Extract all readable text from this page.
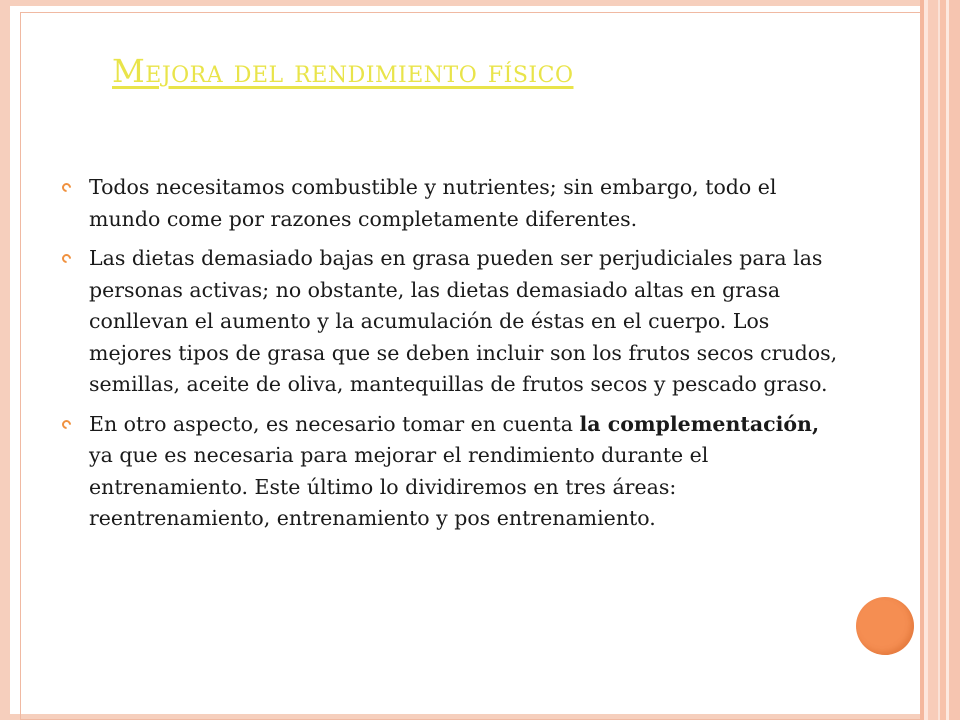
Mejora del rendimiento físico
Todos necesitamos combustible y nutrientes; sin embargo, todo el mundo come por razones completamente diferentes.
Las dietas demasiado bajas en grasa pueden ser perjudiciales para las personas activas; no obstante, las dietas demasiado altas en grasa conllevan el aumento y la acumulación de éstas en el cuerpo. Los mejores tipos de grasa que se deben incluir son los frutos secos crudos, semillas, aceite de oliva, mantequillas de frutos secos y pescado graso.
En otro aspecto, es necesario tomar en cuenta la complementación, ya que es necesaria para mejorar el rendimiento durante el entrenamiento. Este último lo dividiremos en tres áreas: reentrenamiento, entrenamiento y pos entrenamiento.
